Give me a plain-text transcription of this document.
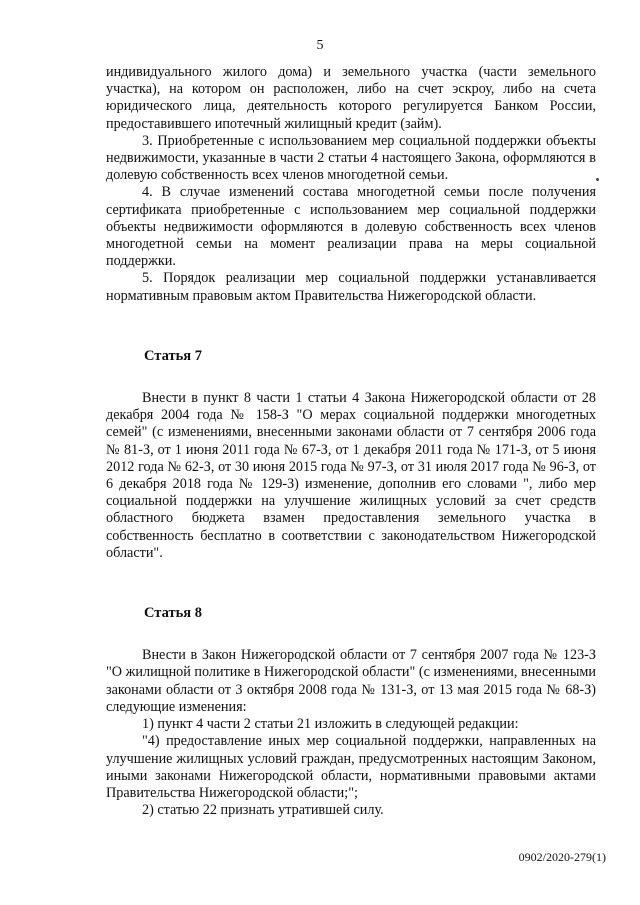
5

индивидуального жилого дома) и земельного участка (части земельного участка), на котором он расположен, либо на счет эскроу, либо на счета юридического лица, деятельность которого регулируется Банком России, предоставившего ипотечный жилищный кредит (займ).

3. Приобретенные с использованием мер социальной поддержки объекты недвижимости, указанные в части 2 статьи 4 настоящего Закона, оформляются в долевую собственность всех членов многодетной семьи.

4. В случае изменений состава многодетной семьи после получения сертификата приобретенные с использованием мер социальной поддержки объекты недвижимости оформляются в долевую собственность всех членов многодетной семьи на момент реализации права на меры социальной поддержки.

5. Порядок реализации мер социальной поддержки устанавливается нормативным правовым актом Правительства Нижегородской области.

Статья 7

Внести в пункт 8 части 1 статьи 4 Закона Нижегородской области от 28 декабря 2004 года № 158-З "О мерах социальной поддержки многодетных семей" (с изменениями, внесенными законами области от 7 сентября 2006 года № 81-З, от 1 июня 2011 года № 67-З, от 1 декабря 2011 года № 171-З, от 5 июня 2012 года № 62-З, от 30 июня 2015 года № 97-З, от 31 июля 2017 года № 96-З, от 6 декабря 2018 года № 129-З) изменение, дополнив его словами ", либо мер социальной поддержки на улучшение жилищных условий за счет средств областного бюджета взамен предоставления земельного участка в собственность бесплатно в соответствии с законодательством Нижегородской области".

Статья 8

Внести в Закон Нижегородской области от 7 сентября 2007 года № 123-З "О жилищной политике в Нижегородской области" (с изменениями, внесенными законами области от 3 октября 2008 года № 131-З, от 13 мая 2015 года № 68-З) следующие изменения:

1) пункт 4 части 2 статьи 21 изложить в следующей редакции:

"4) предоставление иных мер социальной поддержки, направленных на улучшение жилищных условий граждан, предусмотренных настоящим Законом, иными законами Нижегородской области, нормативными правовыми актами Правительства Нижегородской области;";

2) статью 22 признать утратившей силу.

0902/2020-279(1)
